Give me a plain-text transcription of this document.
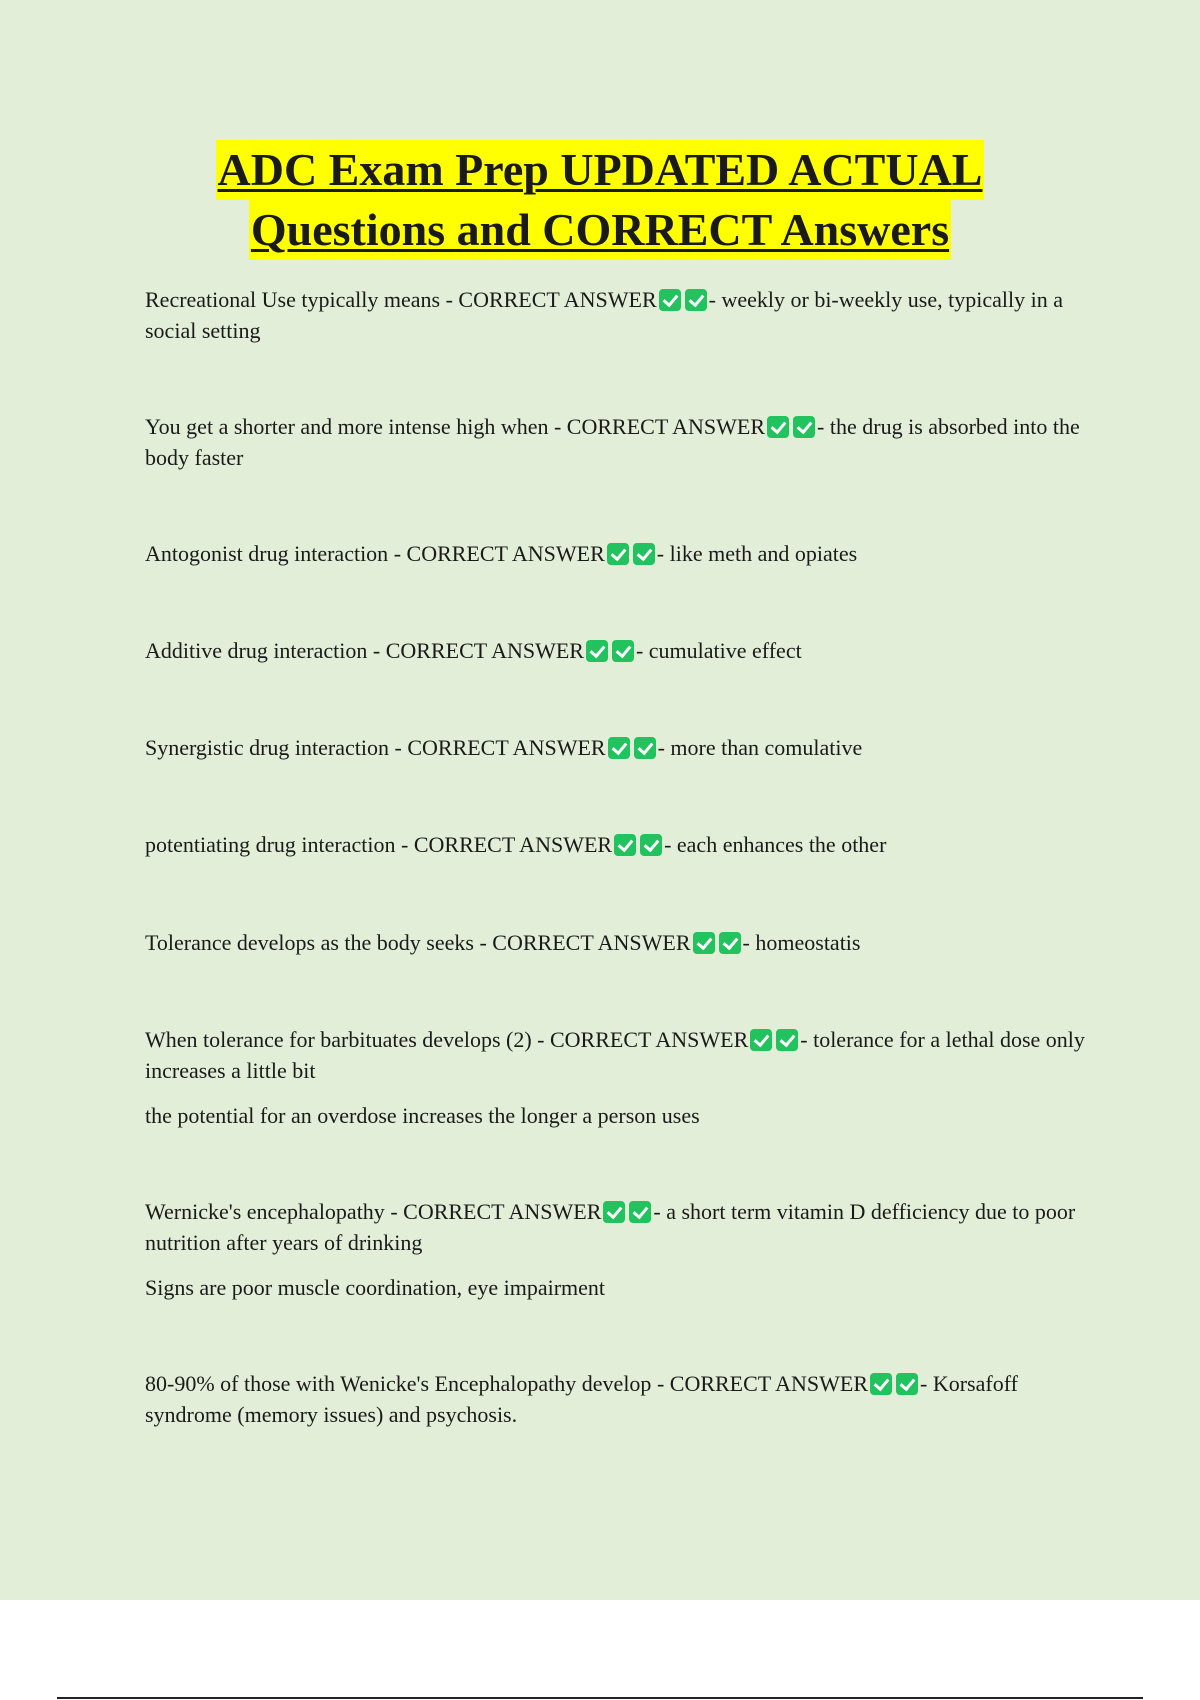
ADC Exam Prep UPDATED ACTUAL
Questions and CORRECT Answers

Recreational Use typically means - CORRECT ANSWER - weekly or bi-weekly use, typically in a social setting

You get a shorter and more intense high when - CORRECT ANSWER - the drug is absorbed into the body faster

Antogonist drug interaction - CORRECT ANSWER - like meth and opiates

Additive drug interaction - CORRECT ANSWER - cumulative effect

Synergistic drug interaction - CORRECT ANSWER - more than comulative

potentiating drug interaction - CORRECT ANSWER - each enhances the other

Tolerance develops as the body seeks - CORRECT ANSWER - homeostatis

When tolerance for barbituates develops (2) - CORRECT ANSWER - tolerance for a lethal dose only increases a little bit

the potential for an overdose increases the longer a person uses

Wernicke's encephalopathy - CORRECT ANSWER - a short term vitamin D defficiency due to poor nutrition after years of drinking

Signs are poor muscle coordination, eye impairment

80-90% of those with Wenicke's Encephalopathy develop - CORRECT ANSWER - Korsafoff syndrome (memory issues) and psychosis.
